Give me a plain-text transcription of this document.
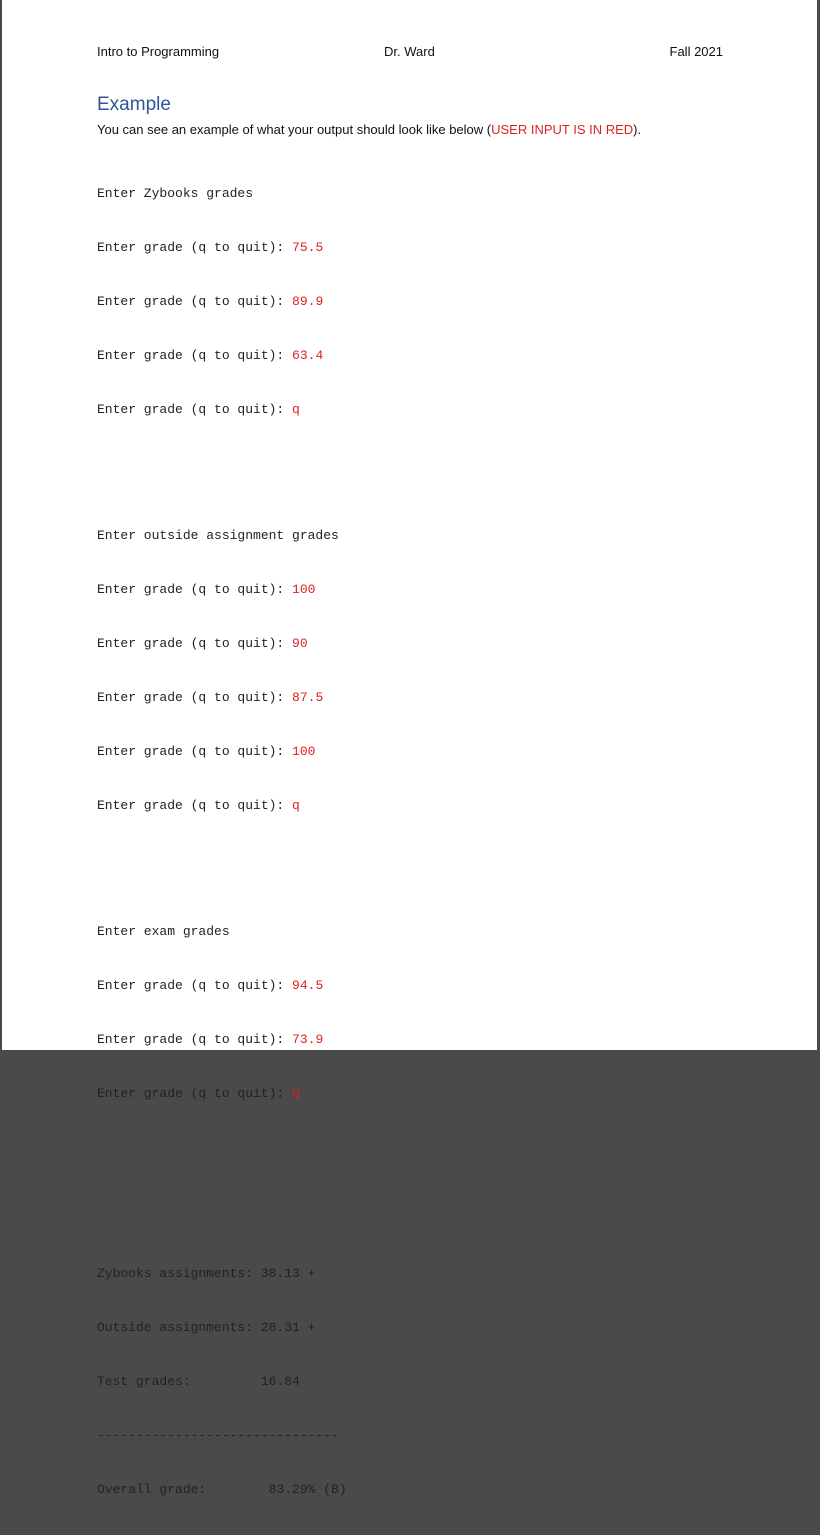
Intro to Programming	Dr. Ward	Fall 2021
Example
You can see an example of what your output should look like below (USER INPUT IS IN RED).

Enter Zybooks grades

Enter grade (q to quit): 75.5

Enter grade (q to quit): 89.9

Enter grade (q to quit): 63.4

Enter grade (q to quit): q

Enter outside assignment grades

Enter grade (q to quit): 100

Enter grade (q to quit): 90

Enter grade (q to quit): 87.5

Enter grade (q to quit): 100

Enter grade (q to quit): q

Enter exam grades

Enter grade (q to quit): 94.5

Enter grade (q to quit): 73.9

Enter grade (q to quit): q

Zybooks assignments: 38.13 +

Outside assignments: 28.31 +

Test grades:         16.84

-------------------------------

Overall grade:        83.29% (B)
